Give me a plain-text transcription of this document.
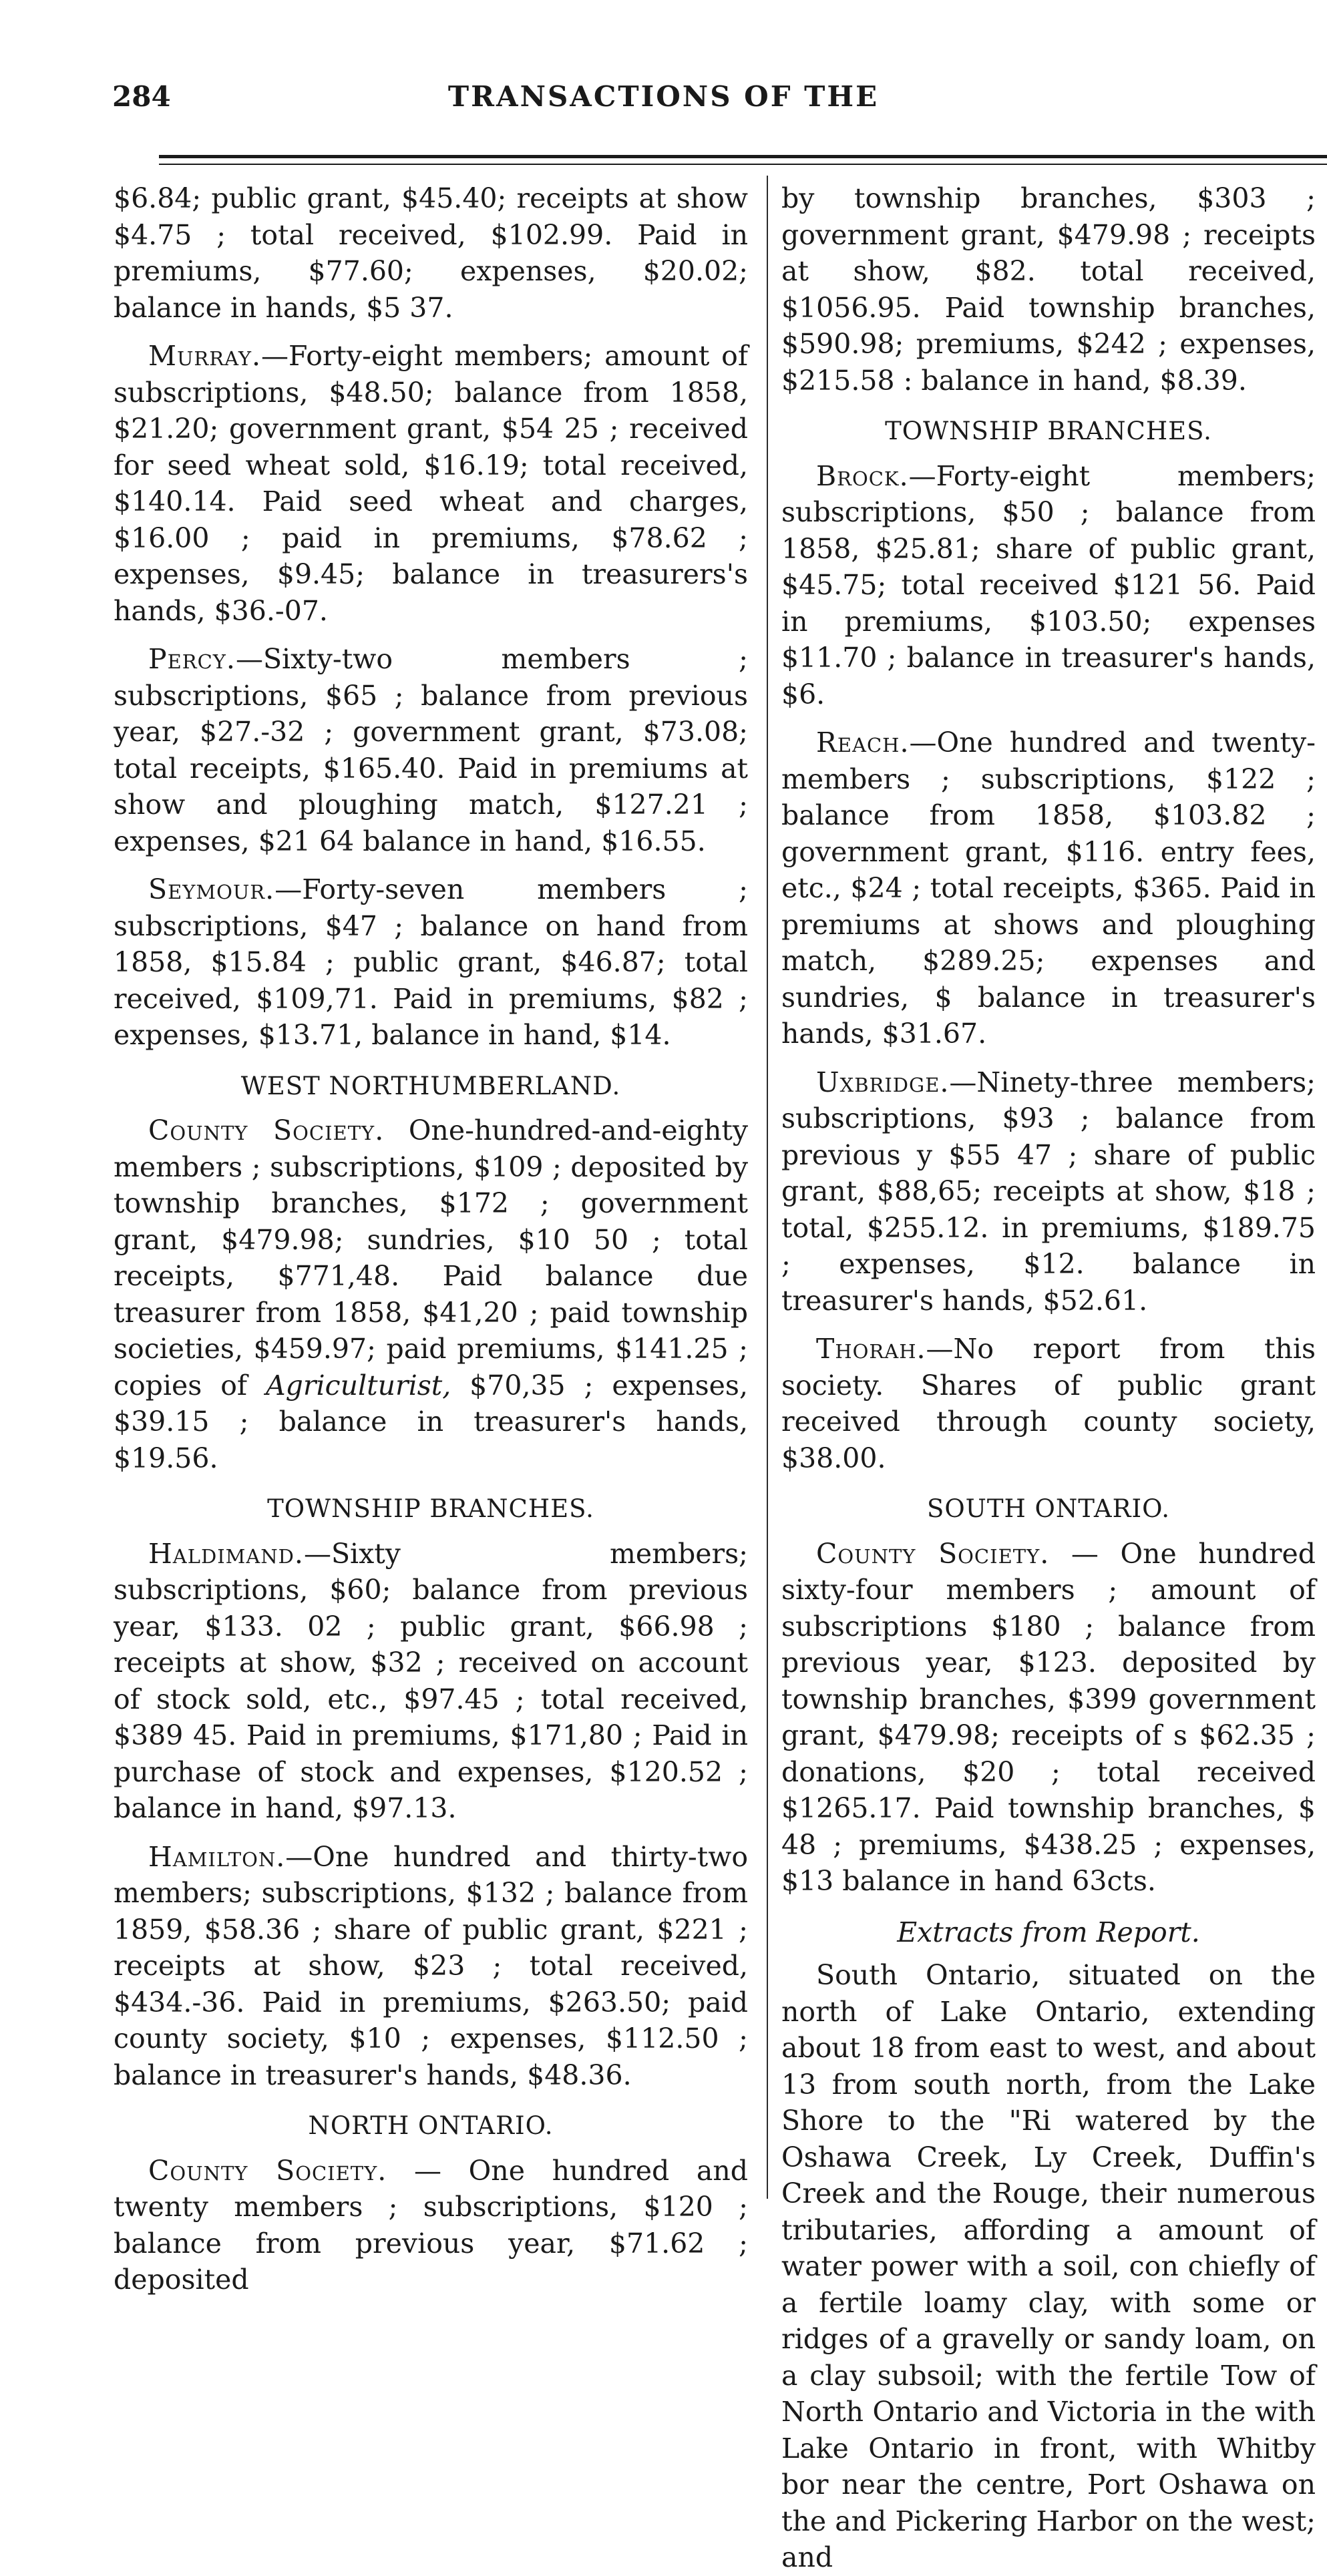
284	TRANSACTIONS OF THE

$6.84; public grant, $45.40; receipts at show $4.75 ; total received, $102.99. Paid in premiums, $77.60; expenses, $20.02; balance in hands, $5 37.

Murray.—Forty-eight members; amount of subscriptions, $48.50; balance from 1858, $21.20; government grant, $54 25 ; received for seed wheat sold, $16.19; total received, $140.14. Paid seed wheat and charges, $16.00 ; paid in premiums, $78.62 ; expenses, $9.45; balance in treasurers's hands, $36.-07.

Percy.—Sixty-two members ; subscriptions, $65 ; balance from previous year, $27.-32 ; government grant, $73.08; total receipts, $165.40. Paid in premiums at show and ploughing match, $127.21 ; expenses, $21 64 balance in hand, $16.55.

Seymour.—Forty-seven members ; subscriptions, $47 ; balance on hand from 1858, $15.84 ; public grant, $46.87; total received, $109,71. Paid in premiums, $82 ; expenses, $13.71, balance in hand, $14.

WEST NORTHUMBERLAND.

County Society. One-hundred-and-eighty members ; subscriptions, $109 ; deposited by township branches, $172 ; government grant, $479.98; sundries, $10 50 ; total receipts, $771,48. Paid balance due treasurer from 1858, $41,20 ; paid township societies, $459.97; paid premiums, $141.25 ; copies of Agriculturist, $70,35 ; expenses, $39.15 ; balance in treasurer's hands, $19.56.

TOWNSHIP BRANCHES.

Haldimand.—Sixty members; subscriptions, $60; balance from previous year, $133. 02 ; public grant, $66.98 ; receipts at show, $32 ; received on account of stock sold, etc., $97.45 ; total received, $389 45. Paid in premiums, $171,80 ; Paid in purchase of stock and expenses, $120.52 ; balance in hand, $97.13.

Hamilton.—One hundred and thirty-two members; subscriptions, $132 ; balance from 1859, $58.36 ; share of public grant, $221 ; receipts at show, $23 ; total received, $434.-36. Paid in premiums, $263.50; paid county society, $10 ; expenses, $112.50 ; balance in treasurer's hands, $48.36.

NORTH ONTARIO.

County Society. — One hundred and twenty members ; subscriptions, $120 ; balance from previous year, $71.62 ; deposited

by township branches, $303 ; government grant, $479.98 ; receipts at show, $82. total received, $1056.95. Paid township branches, $590.98; premiums, $242 ; expenses, $215.58 : balance in hand, $8.39.

TOWNSHIP BRANCHES.

Brock.—Forty-eight members; subscriptions, $50 ; balance from 1858, $25.81; share of public grant, $45.75; total received $121 56. Paid in premiums, $103.50; expenses $11.70 ; balance in treasurer's hands, $6.

Reach.—One hundred and twenty- members ; subscriptions, $122 ; balance from 1858, $103.82 ; government grant, $116. entry fees, etc., $24 ; total receipts, $365. Paid in premiums at shows and ploughing match, $289.25; expenses and sundries, $ balance in treasurer's hands, $31.67.

Uxbridge.—Ninety-three members; subscriptions, $93 ; balance from previous y $55 47 ; share of public grant, $88,65; receipts at show, $18 ; total, $255.12. in premiums, $189.75 ; expenses, $12. balance in treasurer's hands, $52.61.

Thorah.—No report from this society. Shares of public grant received through county society, $38.00.

SOUTH ONTARIO.

County Society. — One hundred sixty-four members ; amount of subscriptions $180 ; balance from previous year, $123. deposited by township branches, $399 government grant, $479.98; receipts of s $62.35 ; donations, $20 ; total received $1265.17. Paid township branches, $ 48 ; premiums, $438.25 ; expenses, $13 balance in hand 63cts.

Extracts from Report.

South Ontario, situated on the north of Lake Ontario, extending about 18 from east to west, and about 13 from south north, from the Lake Shore to the "Ri watered by the Oshawa Creek, Ly Creek, Duffin's Creek and the Rouge, their numerous tributaries, affording a amount of water power with a soil, con chiefly of a fertile loamy clay, with some or ridges of a gravelly or sandy loam, on a clay subsoil; with the fertile Tow of North Ontario and Victoria in the with Lake Ontario in front, with Whitby bor near the centre, Port Oshawa on the and Pickering Harbor on the west; and
